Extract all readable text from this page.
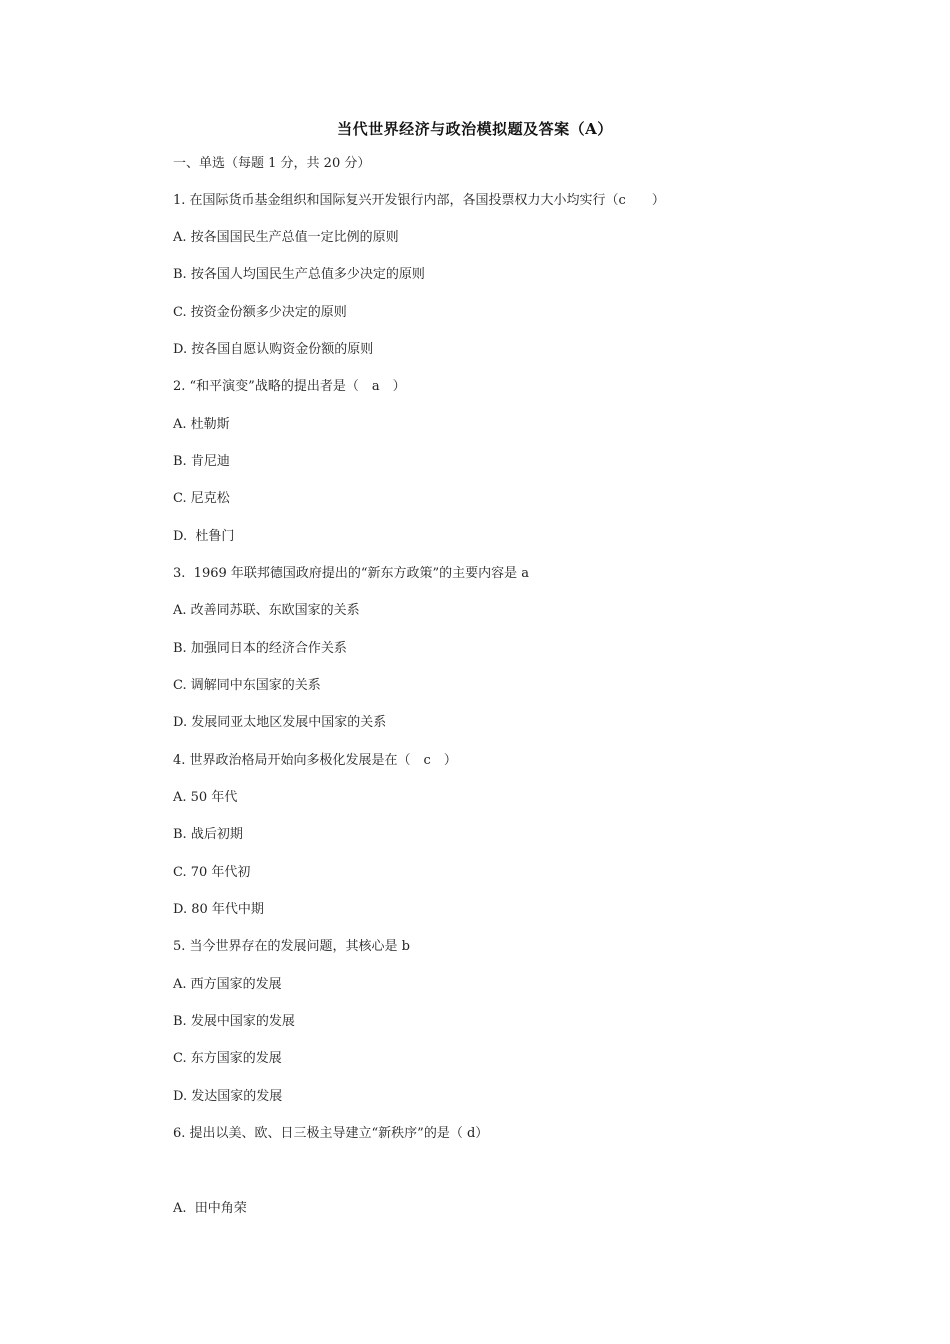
当代世界经济与政治模拟题及答案（A）
一、单选（每题 1 分，共 20 分）
1. 在国际货币基金组织和国际复兴开发银行内部，各国投票权力大小均实行（c　　）
A. 按各国国民生产总值一定比例的原则
B. 按各国人均国民生产总值多少决定的原则
C. 按资金份额多少决定的原则
D. 按各国自愿认购资金份额的原则
2. “和平演变”战略的提出者是（　a　）
A. 杜勒斯
B. 肯尼迪
C. 尼克松
D.  杜鲁门
3.  1969 年联邦德国政府提出的“新东方政策”的主要内容是 a
A. 改善同苏联、东欧国家的关系
B. 加强同日本的经济合作关系
C. 调解同中东国家的关系
D. 发展同亚太地区发展中国家的关系
4. 世界政治格局开始向多极化发展是在（　c　）
A. 50 年代
B. 战后初期
C. 70 年代初
D. 80 年代中期
5. 当今世界存在的发展问题，其核心是 b
A. 西方国家的发展
B. 发展中国家的发展
C. 东方国家的发展
D. 发达国家的发展
6. 提出以美、欧、日三极主导建立“新秩序”的是（ d）
A.  田中角荣
